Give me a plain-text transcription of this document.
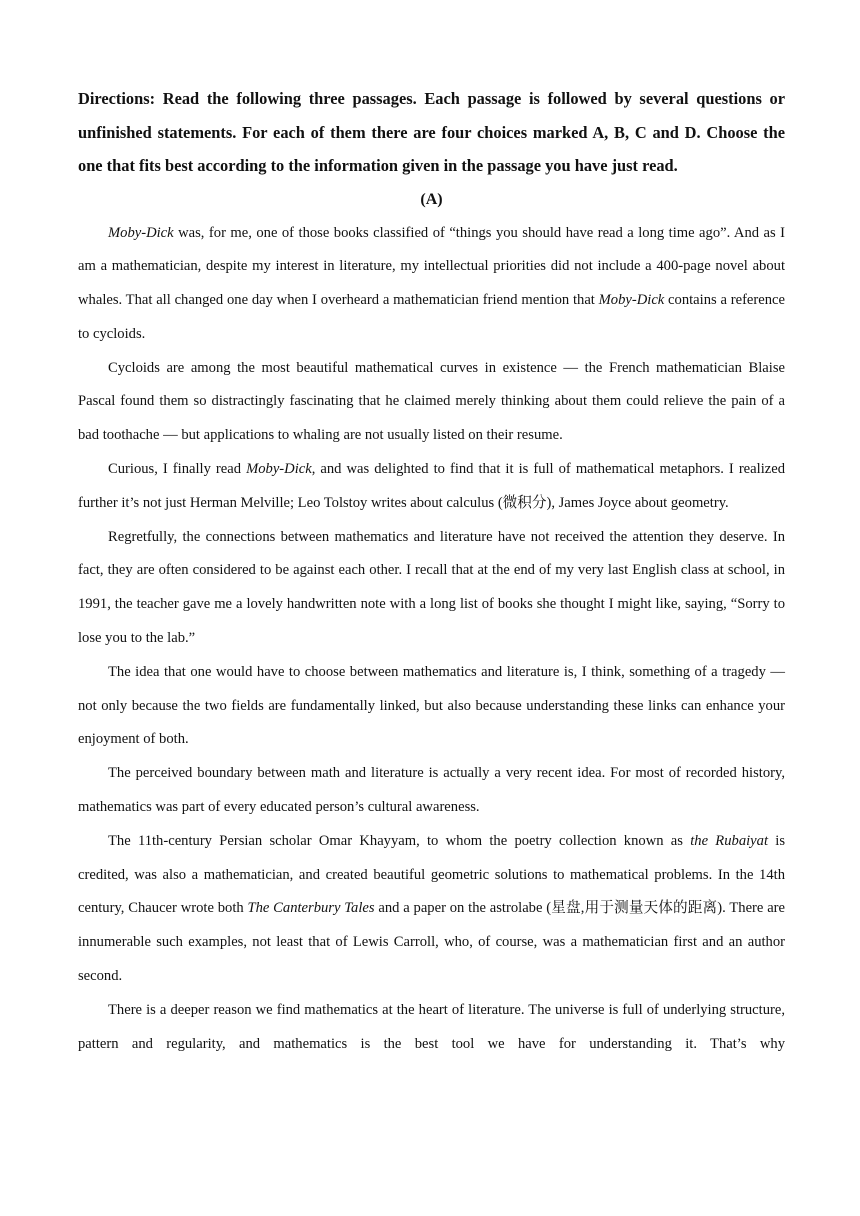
Directions: Read the following three passages. Each passage is followed by several questions or unfinished statements. For each of them there are four choices marked A, B, C and D. Choose the one that fits best according to the information given in the passage you have just read.

(A)

Moby-Dick was, for me, one of those books classified of “things you should have read a long time ago”. And as I am a mathematician, despite my interest in literature, my intellectual priorities did not include a 400-page novel about whales. That all changed one day when I overheard a mathematician friend mention that Moby-Dick contains a reference to cycloids.

Cycloids are among the most beautiful mathematical curves in existence — the French mathematician Blaise Pascal found them so distractingly fascinating that he claimed merely thinking about them could relieve the pain of a bad toothache — but applications to whaling are not usually listed on their resume.

Curious, I finally read Moby-Dick, and was delighted to find that it is full of mathematical metaphors. I realized further it’s not just Herman Melville; Leo Tolstoy writes about calculus (微积分), James Joyce about geometry.

Regretfully, the connections between mathematics and literature have not received the attention they deserve. In fact, they are often considered to be against each other. I recall that at the end of my very last English class at school, in 1991, the teacher gave me a lovely handwritten note with a long list of books she thought I might like, saying, “Sorry to lose you to the lab.”

The idea that one would have to choose between mathematics and literature is, I think, something of a tragedy — not only because the two fields are fundamentally linked, but also because understanding these links can enhance your enjoyment of both.

The perceived boundary between math and literature is actually a very recent idea. For most of recorded history, mathematics was part of every educated person’s cultural awareness.

The 11th-century Persian scholar Omar Khayyam, to whom the poetry collection known as the Rubaiyat is credited, was also a mathematician, and created beautiful geometric solutions to mathematical problems. In the 14th century, Chaucer wrote both The Canterbury Tales and a paper on the astrolabe (星盘,用于测量天体的距离). There are innumerable such examples, not least that of Lewis Carroll, who, of course, was a mathematician first and an author second.

There is a deeper reason we find mathematics at the heart of literature. The universe is full of underlying structure, pattern and regularity, and mathematics is the best tool we have for understanding it. That’s why
